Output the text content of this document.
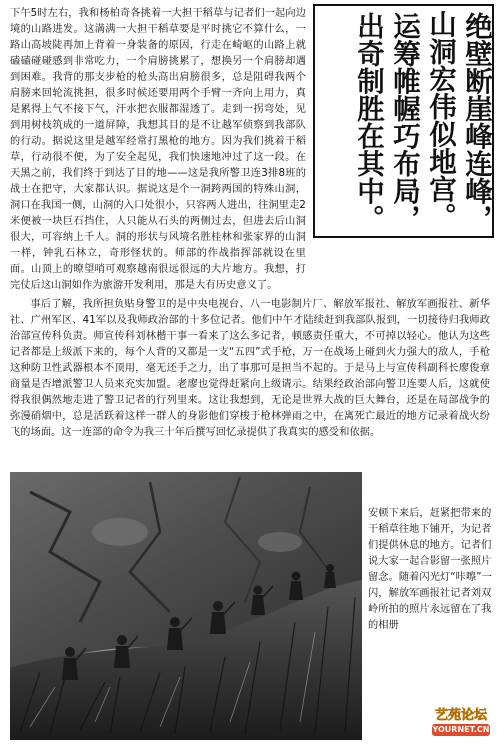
下午5时左右，我和杨柏奇各挑着一大担干稻草与记者们一起向边境的山路进发。这满满一大担干稻草要是平时挑它不算什么，一路山高坡陡再加上背着一身装备的原因，行走在崎岖的山路上就磕磕碰碰感到非常吃力，一个肩膀挑累了，想换另一个肩膀却遇到困难。我背的那支步枪的枪头高出肩膀很多，总是阻碍我两个肩膀来回轮流挑担，很多时候还要用两个手臂一齐向上用力，真是累得上气不接下气，汗水把衣服都湿透了。走到一拐弯处，见到用树枝筑成的一道屏障，我想其目的是不让越军侦察到我部队的行动。据说这里是越军经常打黑枪的地方。因为我们挑着干稻草，行动很不便，为了安全起见，我们快速地冲过了这一段。在天黑之前，我们终于到达了目的地——这是我所警卫连3排8班的战士在把守，大家都认识。据说这是个一洞跨两国的特殊山洞，洞口在我国一侧，山洞的入口处很小，只容两人进出，往洞里走2米便被一块巨石挡住，人只能从石头的两侧过去，但进去后山洞很大，可容纳上千人。洞的形状与风境名胜桂林和张家界的山洞一样，钟乳石林立，奇形怪状的。师部的作战指挥部就设在里面。山顶上的暸望哨可观察越南很远很远的大片地方。我想，打完仗后这山洞如作为旅游开发利用，那是大有历史意义了。

绝壁断崖峰连峰，
山洞宏伟似地宫。
运筹帷幄巧布局，
出奇制胜在其中。

事后了解，我所担负贴身警卫的是中央电视台、八一电影制片厂、解放军报社、解放军画报社、新华社、广州军区、41军以及我师政治部的十多位记者。他们中午才陆续赶到我部队报到，一切接待归我师政治部宣传科负责。师宣传科刘林楷干事一看来了这么多记者，顿感责任重大，不可掉以轻心。他认为这些记者都是上级派下来的，每个人背的又都是一支“五四”式手枪，万一在战场上碰到火力强大的敌人，手枪这种防卫性武器根本不顶用，毫无还手之力，出了事那可是担当不起的。于是马上与宣传科副科长廖俊章商量是否增派警卫人员来充实加盟。老廖也觉得赶紧向上级请示。结果经政治部向警卫连要人后，这就使得我很偶然地走进了警卫记者的行列里来。这让我想到，无论是世界大战的巨大舞台，还是在局部战争的弥漫硝烟中，总是活跃着这样一群人的身影他们穿梭于枪林弹雨之中，在离死亡最近的地方记录着战火纷飞的场面。这一连部的命令为我三十年后撰写回忆录提供了我真实的感受和依据。

安顿下来后，赶紧把带来的干稻草往地下铺开，为记者们提供休息的地方。记者们说大家一起合影留一张照片留念。随着闪光灯“咔嚓”一闪，解放军画报社记者刘双岭所拍的照片永远留在了我的相册

艺苑论坛
YOURNET.CN
